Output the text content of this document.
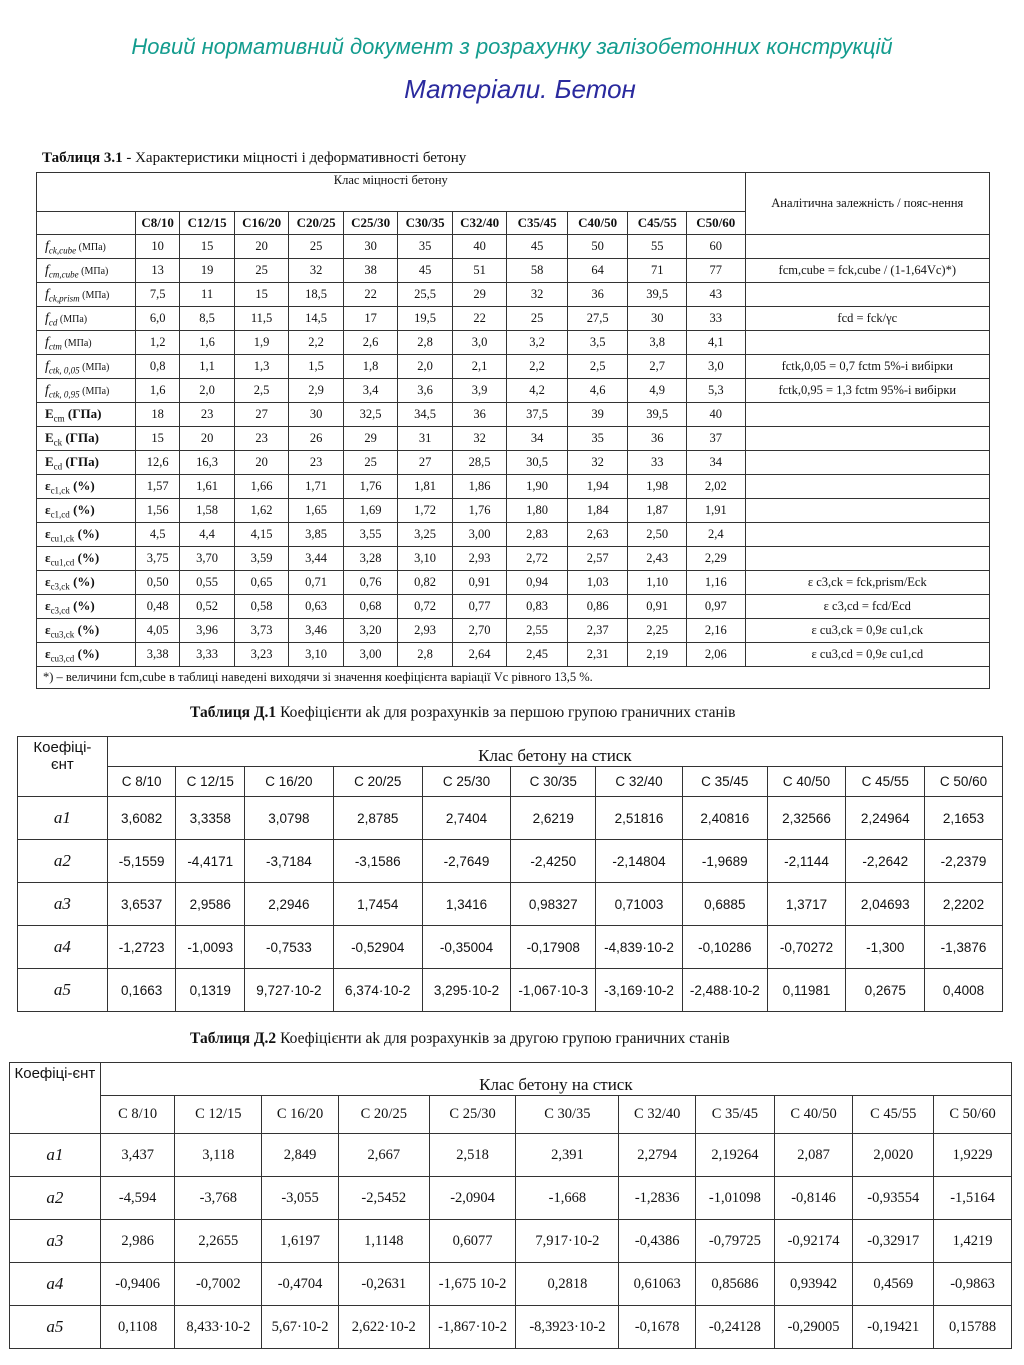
Новий нормативний документ з розрахунку залізобетонних конструкцій
Матеріали. Бетон
Таблиця 3.1 - Характеристики міцності і деформативності бетону
Клас міцності бетону												Аналітична залежність / пояс-нення
	C8/10	C12/15	C16/20	C20/25	C25/30	C30/35	C32/40	C35/45	C40/50	C45/55	C50/60	
$f_{ck,cube}$ (МПа)	10	15	20	25	30	35	40	45	50	55	60	
$f_{cm,cube}$ (МПа)	13	19	25	32	38	45	51	58	64	71	77	fcm,cube = fck,cube / (1-1,64Vc)*)
$f_{ck,prism}$ (МПа)	7,5	11	15	18,5	22	25,5	29	32	36	39,5	43	
$f_{cd}$ (МПа)	6,0	8,5	11,5	14,5	17	19,5	22	25	27,5	30	33	fcd = fck/γc
$f_{ctm}$ (МПа)	1,2	1,6	1,9	2,2	2,6	2,8	3,0	3,2	3,5	3,8	4,1	
$f_{ctk, 0,05}$ (МПа)	0,8	1,1	1,3	1,5	1,8	2,0	2,1	2,2	2,5	2,7	3,0	fctk,0,05 = 0,7 fctm 5%-і вибірки
$f_{ctk, 0,95}$ (МПа)	1,6	2,0	2,5	2,9	3,4	3,6	3,9	4,2	4,6	4,9	5,3	fctk,0,95 = 1,3 fctm 95%-і вибірки
$E_{cm}$ (ГПа)	18	23	27	30	32,5	34,5	36	37,5	39	39,5	40	
$E_{ck}$ (ГПа)	15	20	23	26	29	31	32	34	35	36	37	
$E_{cd}$ (ГПа)	12,6	16,3	20	23	25	27	28,5	30,5	32	33	34	
$\varepsilon_{c1,ck}$ (%)	1,57	1,61	1,66	1,71	1,76	1,81	1,86	1,90	1,94	1,98	2,02	
$\varepsilon_{c1,cd}$ (%)	1,56	1,58	1,62	1,65	1,69	1,72	1,76	1,80	1,84	1,87	1,91	
$\varepsilon_{cu1,ck}$ (%)	4,5	4,4	4,15	3,85	3,55	3,25	3,00	2,83	2,63	2,50	2,4	
$\varepsilon_{cu1,cd}$ (%)	3,75	3,70	3,59	3,44	3,28	3,10	2,93	2,72	2,57	2,43	2,29	
$\varepsilon_{c3,ck}$ (%)	0,50	0,55	0,65	0,71	0,76	0,82	0,91	0,94	1,03	1,10	1,16	ε c3,ck = fck,prism/Eck
$\varepsilon_{c3,cd}$ (%)	0,48	0,52	0,58	0,63	0,68	0,72	0,77	0,83	0,86	0,91	0,97	ε c3,cd = fcd/Ecd
$\varepsilon_{cu3,ck}$ (%)	4,05	3,96	3,73	3,46	3,20	2,93	2,70	2,55	2,37	2,25	2,16	ε cu3,ck = 0,9ε cu1,ck
$\varepsilon_{cu3,cd}$ (%)	3,38	3,33	3,23	3,10	3,00	2,8	2,64	2,45	2,31	2,19	2,06	ε cu3,cd = 0,9ε cu1,cd
*) – величини fcm,cube в таблиці наведені виходячи зі значення коефіцієнта варіації Vc рівного 13,5 %.												
Таблиця Д.1 Коефіцієнти ak для розрахунків за першою групою граничних станів
Коефіці-єнт	Клас бетону на стиск										
	С 8/10	С 12/15	С 16/20	С 20/25	С 25/30	С 30/35	С 32/40	С 35/45	С 40/50	С 45/55	С 50/60
a1	3,6082	3,3358	3,0798	2,8785	2,7404	2,6219	2,51816	2,40816	2,32566	2,24964	2,1653
a2	-5,1559	-4,4171	-3,7184	-3,1586	-2,7649	-2,4250	-2,14804	-1,9689	-2,1144	-2,2642	-2,2379
a3	3,6537	2,9586	2,2946	1,7454	1,3416	0,98327	0,71003	0,6885	1,3717	2,04693	2,2202
a4	-1,2723	-1,0093	-0,7533	-0,52904	-0,35004	-0,17908	-4,839·10-2	-0,10286	-0,70272	-1,300	-1,3876
a5	0,1663	0,1319	9,727·10-2	6,374·10-2	3,295·10-2	-1,067·10-3	-3,169·10-2	-2,488·10-2	0,11981	0,2675	0,4008
Таблиця Д.2 Коефіцієнти ak для розрахунків за другою групою граничних станів
Коефіці-єнт	Клас бетону на стиск										
	С 8/10	С 12/15	С 16/20	С 20/25	С 25/30	С 30/35	С 32/40	С 35/45	С 40/50	С 45/55	С 50/60
a1	3,437	3,118	2,849	2,667	2,518	2,391	2,2794	2,19264	2,087	2,0020	1,9229
a2	-4,594	-3,768	-3,055	-2,5452	-2,0904	-1,668	-1,2836	-1,01098	-0,8146	-0,93554	-1,5164
a3	2,986	2,2655	1,6197	1,1148	0,6077	7,917·10-2	-0,4386	-0,79725	-0,92174	-0,32917	1,4219
a4	-0,9406	-0,7002	-0,4704	-0,2631	-1,675 10-2	0,2818	0,61063	0,85686	0,93942	0,4569	-0,9863
a5	0,1108	8,433·10-2	5,67·10-2	2,622·10-2	-1,867·10-2	-8,3923·10-2	-0,1678	-0,24128	-0,29005	-0,19421	0,15788
